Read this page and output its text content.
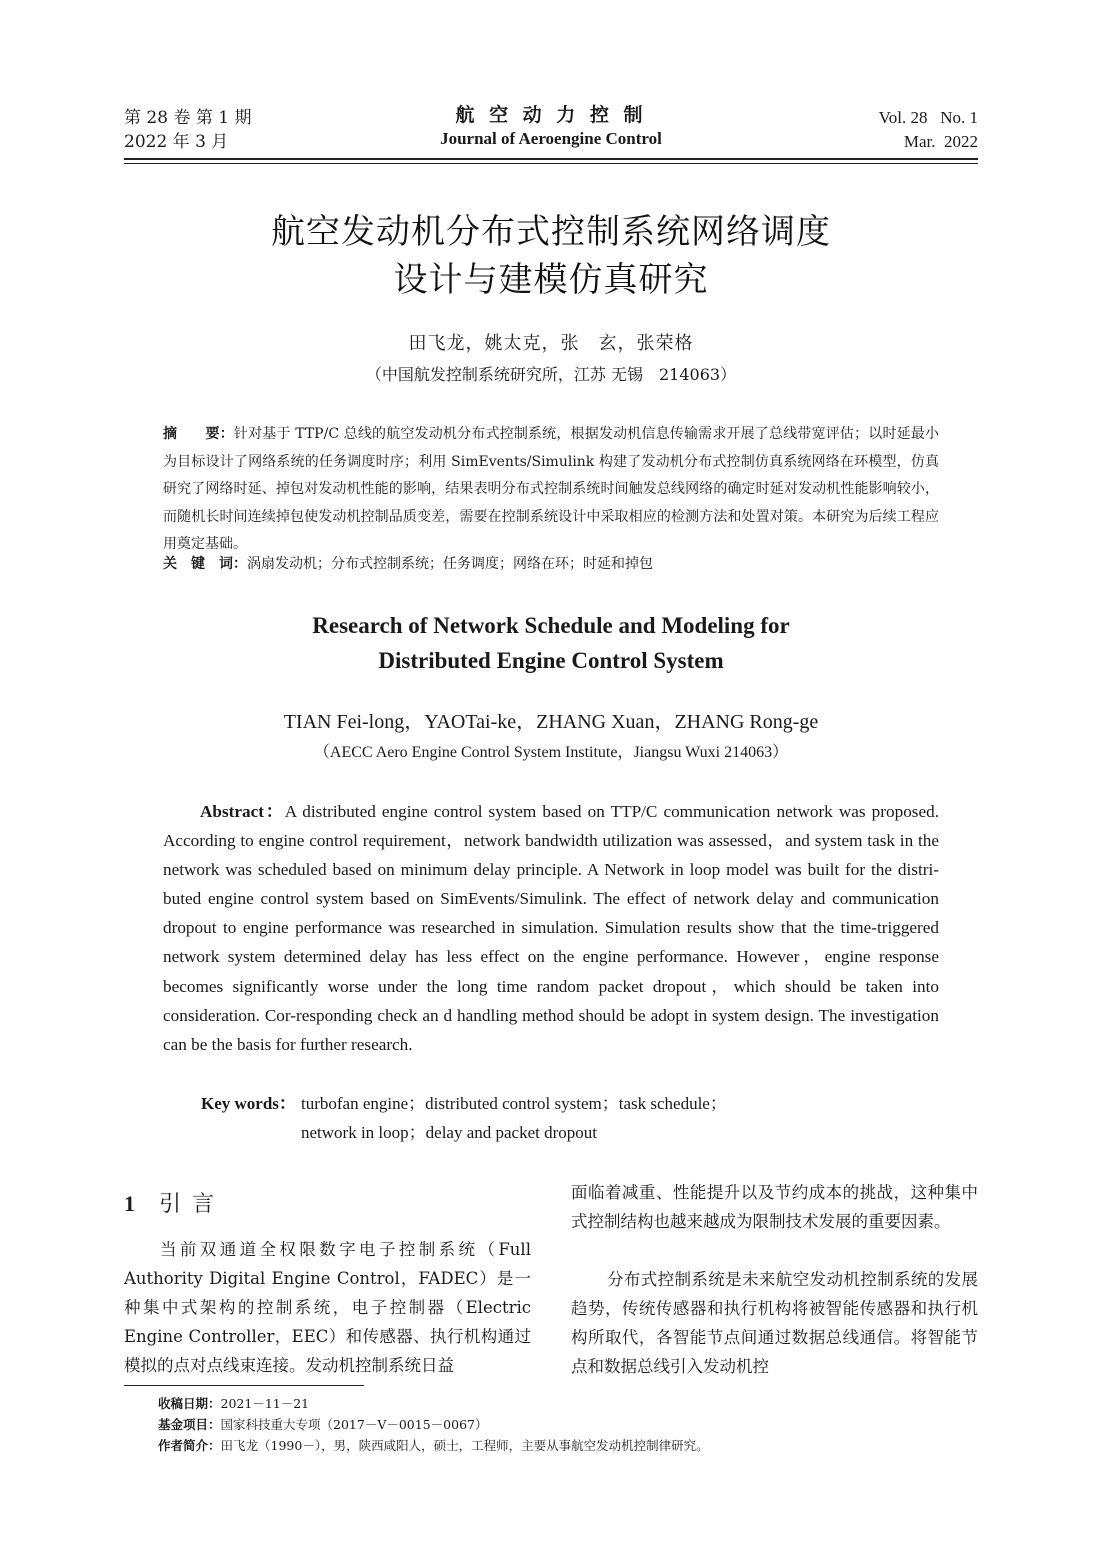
第 28 卷 第 1 期
2022 年 3 月
航 空 动 力 控 制
Journal of Aeroengine Control
Vol. 28   No. 1
Mar.  2022
航空发动机分布式控制系统网络调度
设计与建模仿真研究
田飞龙，姚太克，张　玄，张荣格
（中国航发控制系统研究所，江苏 无锡　214063）
摘　　要：针对基于 TTP/C 总线的航空发动机分布式控制系统，根据发动机信息传输需求开展了总线带宽评估；以时延最小为目标设计了网络系统的任务调度时序；利用 SimEvents/Simulink 构建了发动机分布式控制仿真系统网络在环模型，仿真研究了网络时延、掉包对发动机性能的影响，结果表明分布式控制系统时间触发总线网络的确定时延对发动机性能影响较小，而随机长时间连续掉包使发动机控制品质变差，需要在控制系统设计中采取相应的检测方法和处置对策。本研究为后续工程应用奠定基础。
关　键　词：涡扇发动机；分布式控制系统；任务调度；网络在环；时延和掉包
Research of Network Schedule and Modeling for
Distributed Engine Control System
TIAN Fei-long，YAOTai-ke，ZHANG Xuan，ZHANG Rong-ge
（AECC Aero Engine Control System Institute，Jiangsu Wuxi 214063）
Abstract：A distributed engine control system based on TTP/C communication network was proposed. According to engine control requirement，network bandwidth utilization was assessed，and system task in the network was scheduled based on minimum delay principle. A Network in loop model was built for the distri-buted engine control system based on SimEvents/Simulink. The effect of network delay and communication dropout to engine performance was researched in simulation. Simulation results show that the time-triggered network system determined delay has less effect on the engine performance. However，engine response becomes significantly worse under the long time random packet dropout，which should be taken into consideration. Cor-responding check an d handling method should be adopt in system design. The investigation can be the basis for further research.
Key words： turbofan engine；distributed control system；task schedule；
network in loop；delay and packet dropout
1 引 言
当前双通道全权限数字电子控制系统（Full Authority Digital Engine Control，FADEC）是一种集中式架构的控制系统，电子控制器（Electric Engine Controller，EEC）和传感器、执行机构通过模拟的点对点线束连接。发动机控制系统日益
面临着减重、性能提升以及节约成本的挑战，这种集中式控制结构也越来越成为限制技术发展的重要因素。
分布式控制系统是未来航空发动机控制系统的发展趋势，传统传感器和执行机构将被智能传感器和执行机构所取代，各智能节点间通过数据总线通信。将智能节点和数据总线引入发动机控
收稿日期：2021－11－21
基金项目：国家科技重大专项（2017－V－0015－0067）
作者简介：田飞龙（1990－），男，陕西咸阳人，硕士，工程师，主要从事航空发动机控制律研究。
